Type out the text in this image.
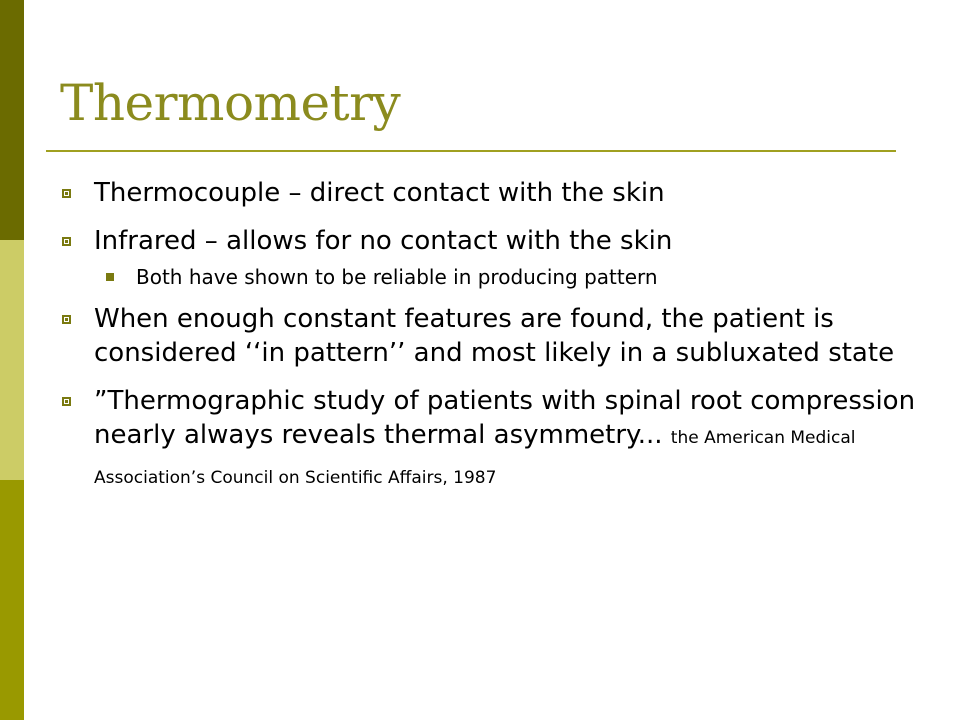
Thermometry
Thermocouple – direct contact with the skin
Infrared – allows for no contact with the skin
Both have shown to be reliable in producing pattern
When enough constant features are found, the patient is considered ‘‘in pattern’’ and most likely in a subluxated state
”Thermographic study of patients with spinal root compression nearly always reveals thermal asymmetry... the American Medical Association’s Council on Scientific Affairs, 1987
